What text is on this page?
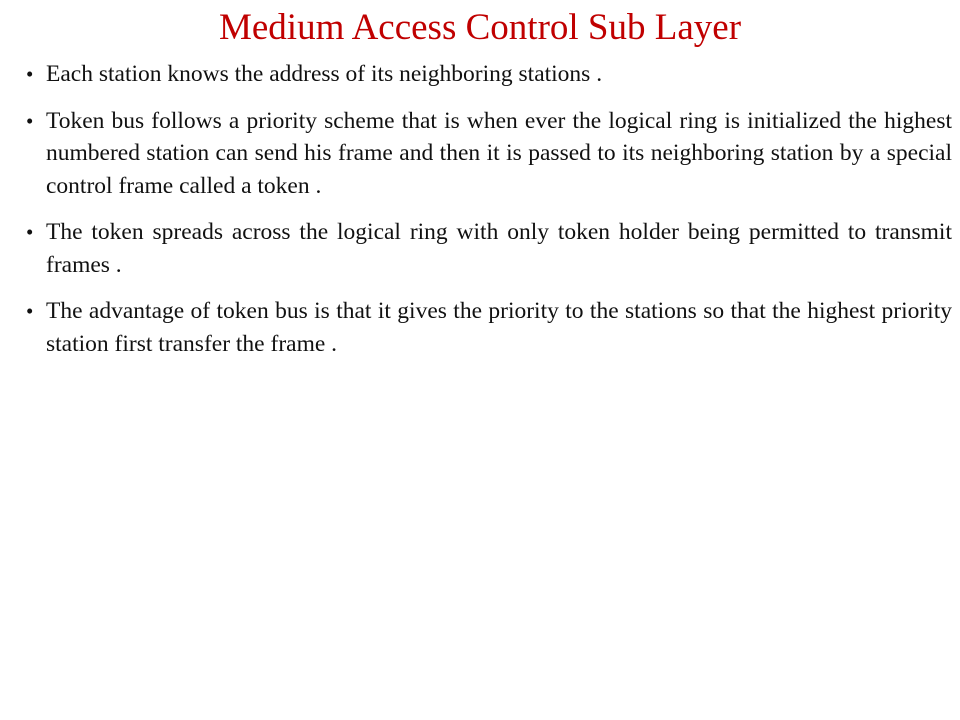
Medium Access Control Sub Layer
• Each station knows the address of its neighboring stations .
• Token bus follows a priority scheme that is when ever the logical ring is initialized the highest numbered station can send his frame and then it is passed to its neighboring station by a special control frame called a token .
• The token spreads across the logical ring with only token holder being permitted to transmit frames .
• The advantage of token bus is that it gives the priority to the stations so that the highest priority station first transfer the frame .
